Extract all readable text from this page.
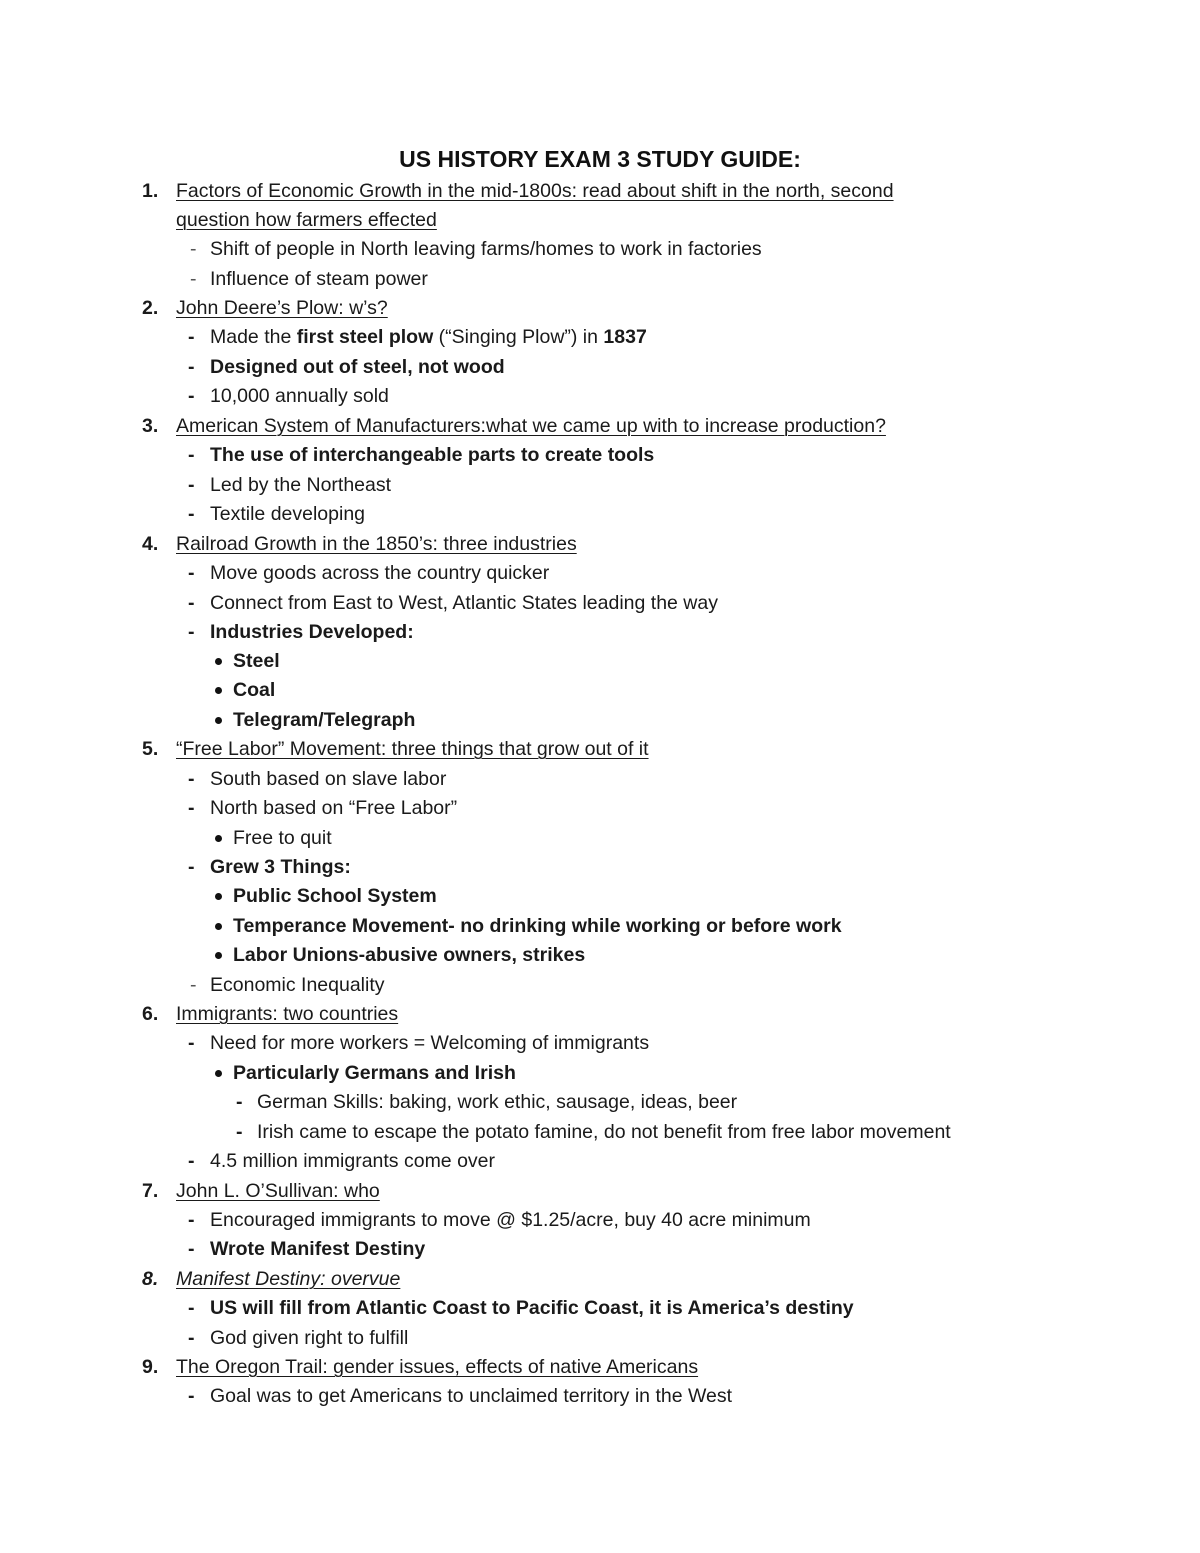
US HISTORY EXAM 3 STUDY GUIDE:
1. Factors of Economic Growth in the mid-1800s: read about shift in the north, second
question how farmers effected
- Shift of people in North leaving farms/homes to work in factories
- Influence of steam power
2. John Deere’s Plow: w’s?
- Made the first steel plow (“Singing Plow”) in 1837
- Designed out of steel, not wood
- 10,000 annually sold
3. American System of Manufacturers:what we came up with to increase production?
- The use of interchangeable parts to create tools
- Led by the Northeast
- Textile developing
4. Railroad Growth in the 1850’s: three industries
- Move goods across the country quicker
- Connect from East to West, Atlantic States leading the way
- Industries Developed:
Steel
Coal
Telegram/Telegraph
5. “Free Labor” Movement: three things that grow out of it
- South based on slave labor
- North based on “Free Labor”
Free to quit
- Grew 3 Things:
Public School System
Temperance Movement- no drinking while working or before work
Labor Unions-abusive owners, strikes
- Economic Inequality
6. Immigrants: two countries
- Need for more workers = Welcoming of immigrants
Particularly Germans and Irish
- German Skills: baking, work ethic, sausage, ideas, beer
- Irish came to escape the potato famine, do not benefit from free labor movement
- 4.5 million immigrants come over
7. John L. O’Sullivan: who
- Encouraged immigrants to move @ $1.25/acre, buy 40 acre minimum
- Wrote Manifest Destiny
8. Manifest Destiny: overvue
- US will fill from Atlantic Coast to Pacific Coast, it is America’s destiny
- God given right to fulfill
9. The Oregon Trail: gender issues, effects of native Americans
- Goal was to get Americans to unclaimed territory in the West
